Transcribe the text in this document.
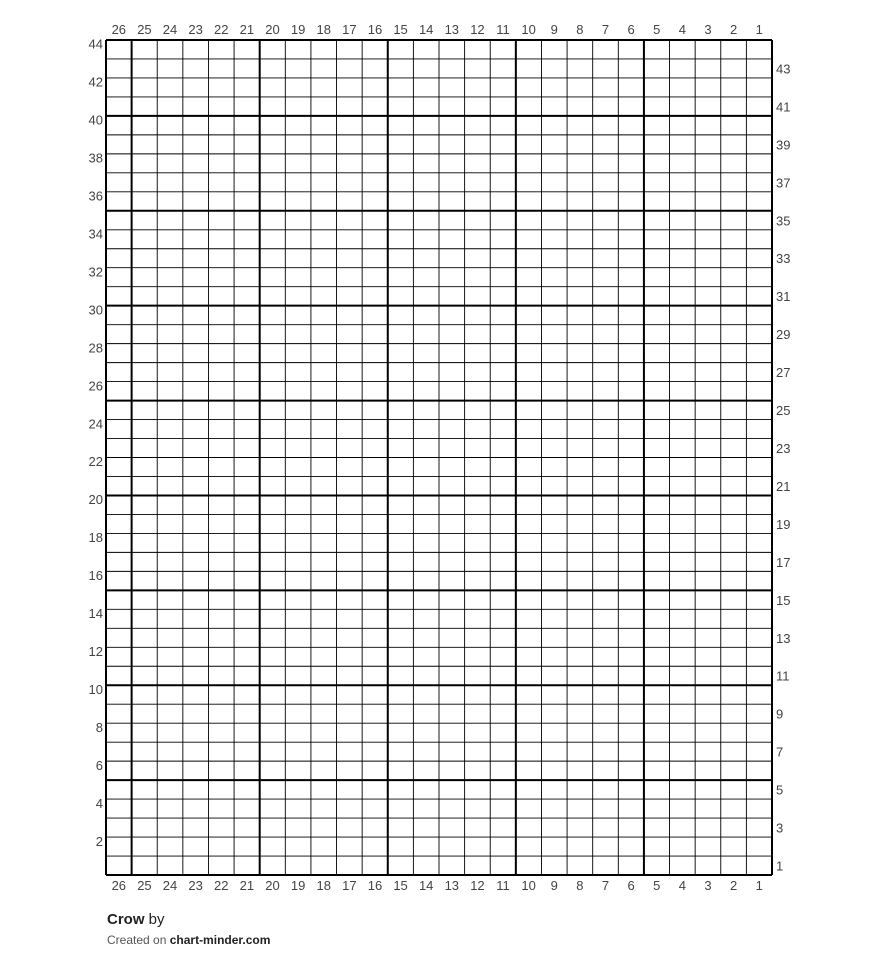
26 25 24 23 22 21 20 19 18 17 16 15 14 13 12 11 10 9 8 7 6 5 4 3 2 1
26 25 24 23 22 21 20 19 18 17 16 15 14 13 12 11 10 9 8 7 6 5 4 3 2 1
44
42
40
38
36
34
32
30
28
26
24
22
20
18
16
14
12
10
8
6
4
2
43
41
39
37
35
33
31
29
27
25
23
21
19
17
15
13
11
9
7
5
3
1
Crow by
Created on chart-minder.com
